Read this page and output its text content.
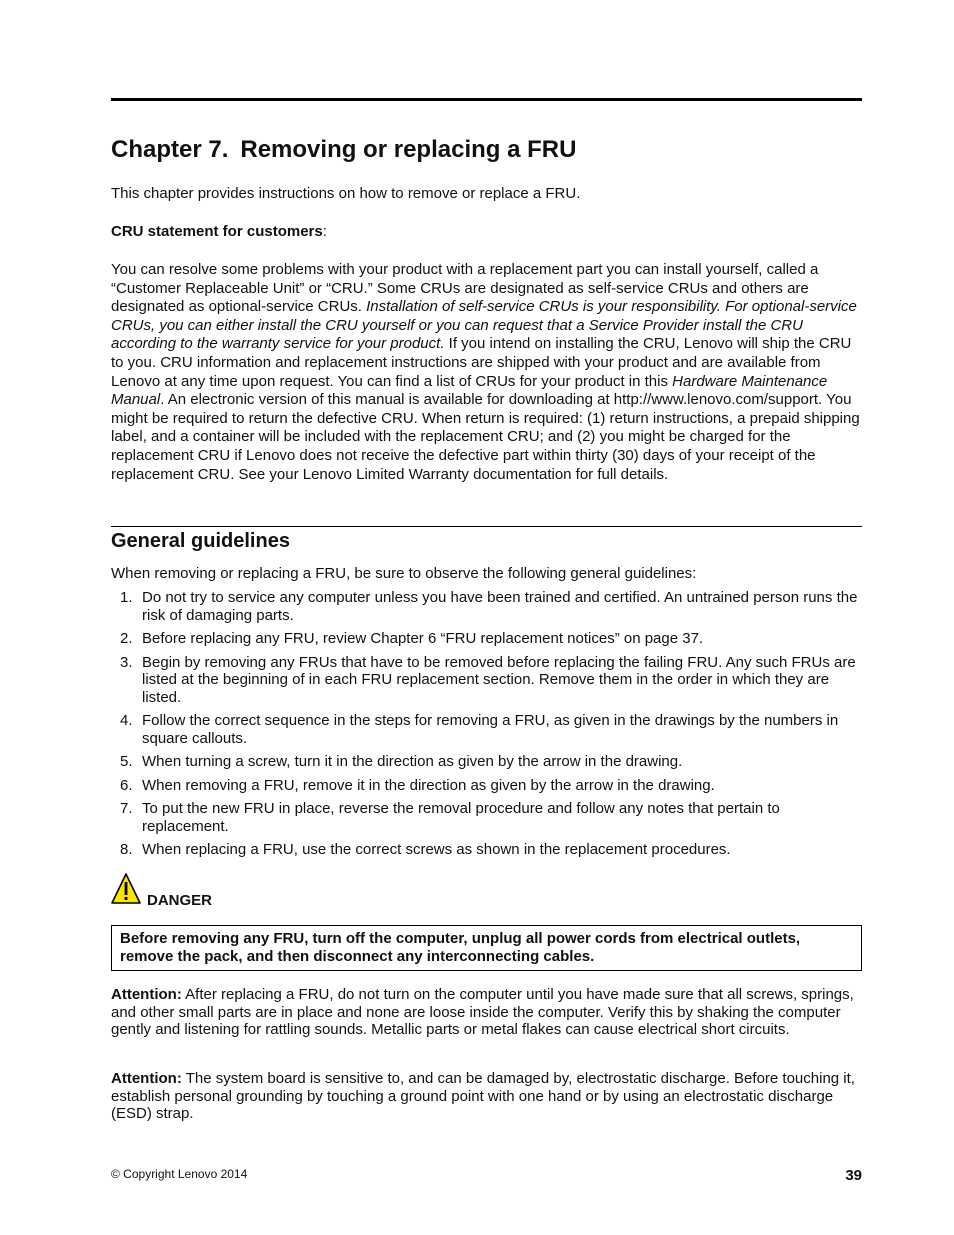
Chapter 7. Removing or replacing a FRU

This chapter provides instructions on how to remove or replace a FRU.

CRU statement for customers:

You can resolve some problems with your product with a replacement part you can install yourself, called a “Customer Replaceable Unit” or “CRU.” Some CRUs are designated as self-service CRUs and others are designated as optional-service CRUs. Installation of self-service CRUs is your responsibility. For optional-service CRUs, you can either install the CRU yourself or you can request that a Service Provider install the CRU according to the warranty service for your product. If you intend on installing the CRU, Lenovo will ship the CRU to you. CRU information and replacement instructions are shipped with your product and are available from Lenovo at any time upon request. You can find a list of CRUs for your product in this Hardware Maintenance Manual. An electronic version of this manual is available for downloading at http://www.lenovo.com/support. You might be required to return the defective CRU. When return is required: (1) return instructions, a prepaid shipping label, and a container will be included with the replacement CRU; and (2) you might be charged for the replacement CRU if Lenovo does not receive the defective part within thirty (30) days of your receipt of the replacement CRU. See your Lenovo Limited Warranty documentation for full details.

General guidelines

When removing or replacing a FRU, be sure to observe the following general guidelines:

1. Do not try to service any computer unless you have been trained and certified. An untrained person runs the risk of damaging parts.
2. Before replacing any FRU, review Chapter 6 “FRU replacement notices” on page 37.
3. Begin by removing any FRUs that have to be removed before replacing the failing FRU. Any such FRUs are listed at the beginning of in each FRU replacement section. Remove them in the order in which they are listed.
4. Follow the correct sequence in the steps for removing a FRU, as given in the drawings by the numbers in square callouts.
5. When turning a screw, turn it in the direction as given by the arrow in the drawing.
6. When removing a FRU, remove it in the direction as given by the arrow in the drawing.
7. To put the new FRU in place, reverse the removal procedure and follow any notes that pertain to replacement.
8. When replacing a FRU, use the correct screws as shown in the replacement procedures.
DANGER
Before removing any FRU, turn off the computer, unplug all power cords from electrical outlets, remove the pack, and then disconnect any interconnecting cables.

Attention: After replacing a FRU, do not turn on the computer until you have made sure that all screws, springs, and other small parts are in place and none are loose inside the computer. Verify this by shaking the computer gently and listening for rattling sounds. Metallic parts or metal flakes can cause electrical short circuits.

Attention: The system board is sensitive to, and can be damaged by, electrostatic discharge. Before touching it, establish personal grounding by touching a ground point with one hand or by using an electrostatic discharge (ESD) strap.

© Copyright Lenovo 2014	39
